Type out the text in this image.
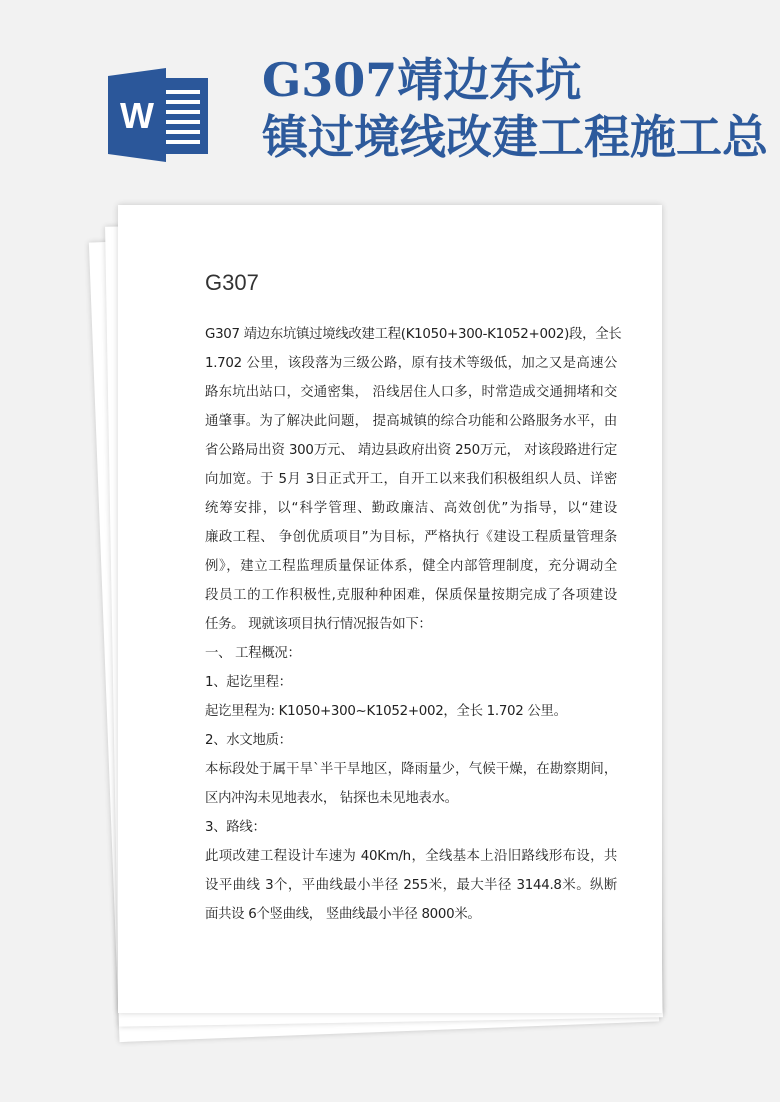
W
G307靖边东坑
镇过境线改建工程施工总
G307
G307 靖边东坑镇过境线改建工程(K1050+300-K1052+002)段，全长
1.702 公里，该段落为三级公路，原有技术等级低，加之又是高速公
路东坑出站口，交通密集， 沿线居住人口多，时常造成交通拥堵和交
通肇事。为了解决此问题， 提高城镇的综合功能和公路服务水平，由
省公路局出资 300万元、 靖边县政府出资 250万元， 对该段路进行定
向加宽。于 5月 3日正式开工，自开工以来我们积极组织人员、详密
统筹安排，以“科学管理、勤政廉洁、高效创优”为指导，以“建设
廉政工程、 争创优质项目”为目标，严格执行《建设工程质量管理条
例》，建立工程监理质量保证体系，健全内部管理制度，充分调动全
段员工的工作积极性,克服种种困难，保质保量按期完成了各项建设
任务。 现就该项目执行情况报告如下：
一、 工程概况：
1、起讫里程：
起讫里程为: K1050+300~K1052+002，全长 1.702 公里。
2、水文地质：
本标段处于属干旱`半干旱地区，降雨量少，气候干燥，在勘察期间，
区内冲沟未见地表水， 钻探也未见地表水。
3、路线：
此项改建工程设计车速为 40Km/h，全线基本上沿旧路线形布设，共
设平曲线 3个，平曲线最小半径 255米，最大半径 3144.8米。纵断
面共设 6个竖曲线， 竖曲线最小半径 8000米。
